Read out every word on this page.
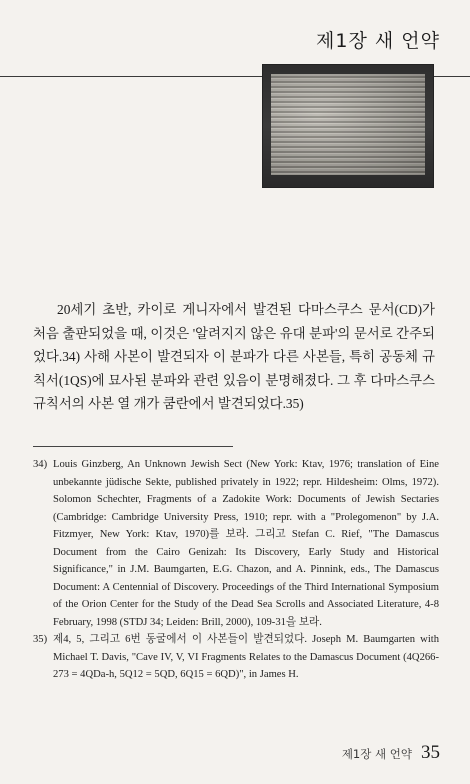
제1장 새 언약

20세기 초반, 카이로 게니자에서 발견된 다마스쿠스 문서(CD)가 처음 출판되었을 때, 이것은 '알려지지 않은 유대 분파'의 문서로 간주되었다.34) 사해 사본이 발견되자 이 분파가 다른 사본들, 특히 공동체 규칙서(1QS)에 묘사된 분파와 관련 있음이 분명해졌다. 그 후 다마스쿠스 규칙서의 사본 열 개가 쿰란에서 발견되었다.35)

34) Louis Ginzberg, An Unknown Jewish Sect (New York: Ktav, 1976; translation of Eine unbekannte jüdische Sekte, published privately in 1922; repr. Hildesheim: Olms, 1972). Solomon Schechter, Fragments of a Zadokite Work: Documents of Jewish Sectaries (Cambridge: Cambridge University Press, 1910; repr. with a "Prolegomenon" by J.A. Fitzmyer, New York: Ktav, 1970)를 보라. 그리고 Stefan C. Rief, "The Damascus Document from the Cairo Genizah: Its Discovery, Early Study and Historical Significance," in J.M. Baumgarten, E.G. Chazon, and A. Pinnink, eds., The Damascus Document: A Centennial of Discovery. Proceedings of the Third International Symposium of the Orion Center for the Study of the Dead Sea Scrolls and Associated Literature, 4-8 February, 1998 (STDJ 34; Leiden: Brill, 2000), 109-31을 보라.
35) 제4, 5, 그리고 6번 동굴에서 이 사본들이 발견되었다. Joseph M. Baumgarten with Michael T. Davis, "Cave IV, V, VI Fragments Relates to the Damascus Document (4Q266-273 = 4QDa-h, 5Q12 = 5QD, 6Q15 = 6QD)", in James H.
제1장 새 언약 35
